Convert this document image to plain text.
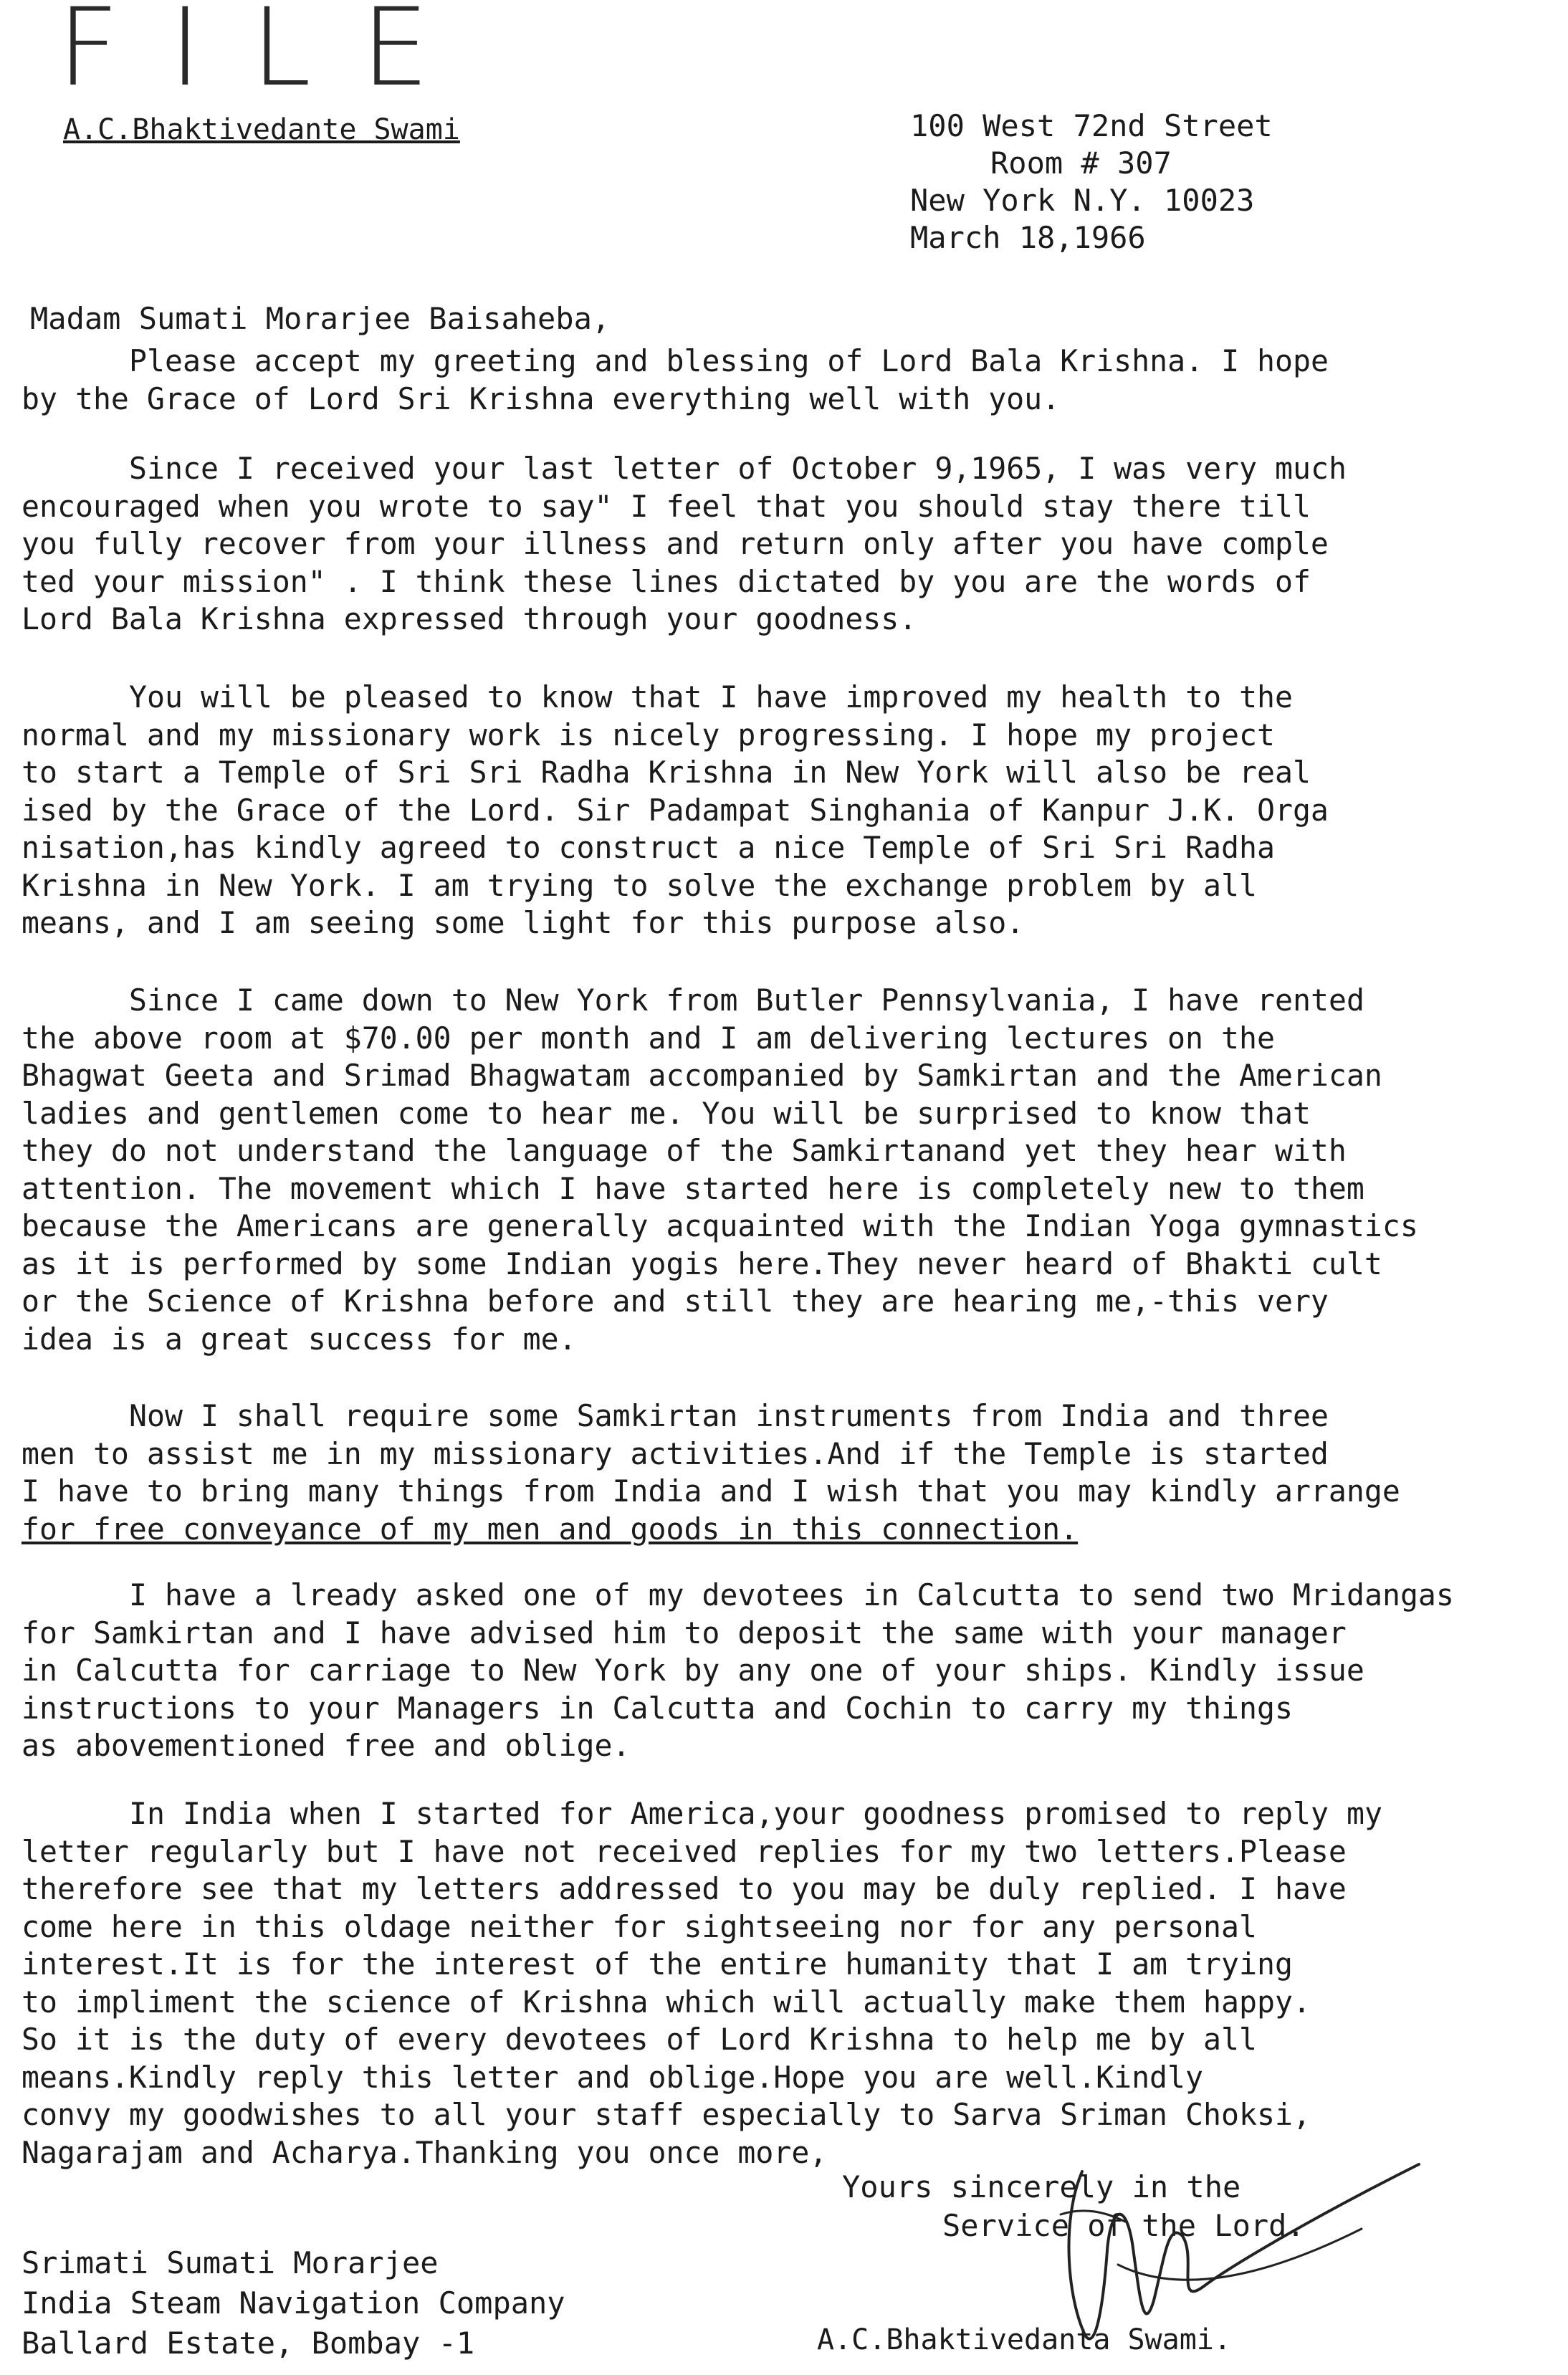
FILE
A.C.Bhaktivedante Swami	100 West 72nd Street
Room # 307
New York N.Y. 10023
March 18,1966
Madam Sumati Morarjee Baisaheba,
Please accept my greeting and blessing of Lord Bala Krishna. I hope
by the Grace of Lord Sri Krishna everything well with you.
Since I received your last letter of October 9,1965, I was very much
encouraged when you wrote to say" I feel that you should stay there till
you fully recover from your illness and return only after you have comple
ted your mission" . I think these lines dictated by you are the words of
Lord Bala Krishna expressed through your goodness.
You will be pleased to know that I have improved my health to the
normal and my missionary work is nicely progressing. I hope my project
to start a Temple of Sri Sri Radha Krishna in New York will also be real
ised by the Grace of the Lord. Sir Padampat Singhania of Kanpur J.K. Orga
nisation,has kindly agreed to construct a nice Temple of Sri Sri Radha
Krishna in New York. I am trying to solve the exchange problem by all
means, and I am seeing some light for this purpose also.
Since I came down to New York from Butler Pennsylvania, I have rented
the above room at $70.00 per month and I am delivering lectures on the
Bhagwat Geeta and Srimad Bhagwatam accompanied by Samkirtan and the American
ladies and gentlemen come to hear me. You will be surprised to know that
they do not understand the language of the Samkirtanand yet they hear with
attention. The movement which I have started here is completely new to them
because the Americans are generally acquainted with the Indian Yoga gymnastics
as it is performed by some Indian yogis here.They never heard of Bhakti cult
or the Science of Krishna before and still they are hearing me,-this very
idea is a great success for me.
Now I shall require some Samkirtan instruments from India and three
men to assist me in my missionary activities.And if the Temple is started
I have to bring many things from India and I wish that you may kindly arrange
for free conveyance of my men and goods in this connection.
I have a lready asked one of my devotees in Calcutta to send two Mridangas
for Samkirtan and I have advised him to deposit the same with your manager
in Calcutta for carriage to New York by any one of your ships. Kindly issue
instructions to your Managers in Calcutta and Cochin to carry my things
as abovementioned free and oblige.
In India when I started for America,your goodness promised to reply my
letter regularly but I have not received replies for my two letters.Please
therefore see that my letters addressed to you may be duly replied. I have
come here in this oldage neither for sightseeing nor for any personal
interest.It is for the interest of the entire humanity that I am trying
to impliment the science of Krishna which will actually make them happy.
So it is the duty of every devotees of Lord Krishna to help me by all
means.Kindly reply this letter and oblige.Hope you are well.Kindly
convy my goodwishes to all your staff especially to Sarva Sriman Choksi,
Nagarajam and Acharya.Thanking you once more,
Yours sincerely in the
Service of the Lord.
Srimati Sumati Morarjee
India Steam Navigation Company
Ballard Estate, Bombay -1	A.C.Bhaktivedanta Swami.
